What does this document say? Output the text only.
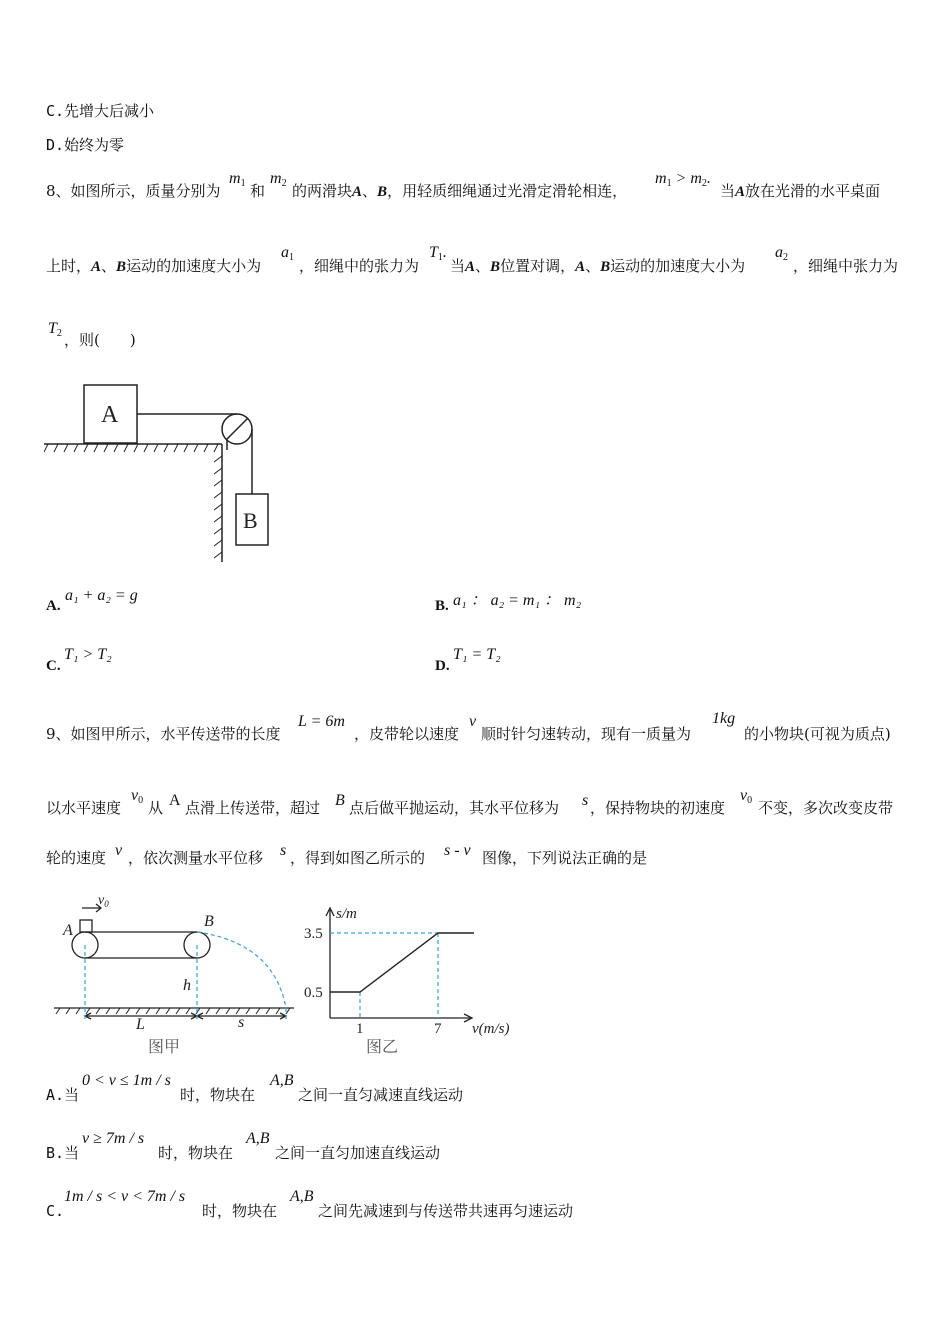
C.先增大后减小
D.始终为零
8、如图所示，质量分别为
$m_1$ 和
$m_2$ 的两滑块A、B，用轻质细绳通过光滑定滑轮相连，
$m_1 > m_2$.
当A放在光滑的水平桌面
上时，A、B运动的加速度大小为
$a_1$ ，细绳中的张力为
$T_1$.
当A、B位置对调，A、B运动的加速度大小为
$a_2$ ，细绳中张力为
$T_2$ ，则(　　)
A
B
A.
a₁ + a₂ = g
B. a₁ ： a₂ = m₁ ： m₂
C.
T₁ > T₂
D.
T₁ = T₂
9、如图甲所示，水平传送带的长度
L = 6m
，皮带轮以速度
v
顺时针匀速转动，现有一质量为
1kg
的小物块(可视为质点)
以水平速度
$v_0$ 从 A 点滑上传送带，超过 B 点后做平抛运动，其水平位移为 s ，保持物块的初速度
$v_0$ 不变，多次改变皮带
轮的速度 v ，依次测量水平位移 s ，得到如图乙所示的 s - v 图像，下列说法正确的是
$v_0$
A
B
h
L	s
图甲
0.5
3.5
1	7
s/m
v(m/s)
图乙
A.当
0 < v ≤ 1m / s
时，物块在
A,B
之间一直匀减速直线运动
B.当
v ≥ 7m / s
时，物块在
A,B
之间一直匀加速直线运动
C.
1m / s < v < 7m / s
时，物块在
A,B
之间先减速到与传送带共速再匀速运动
